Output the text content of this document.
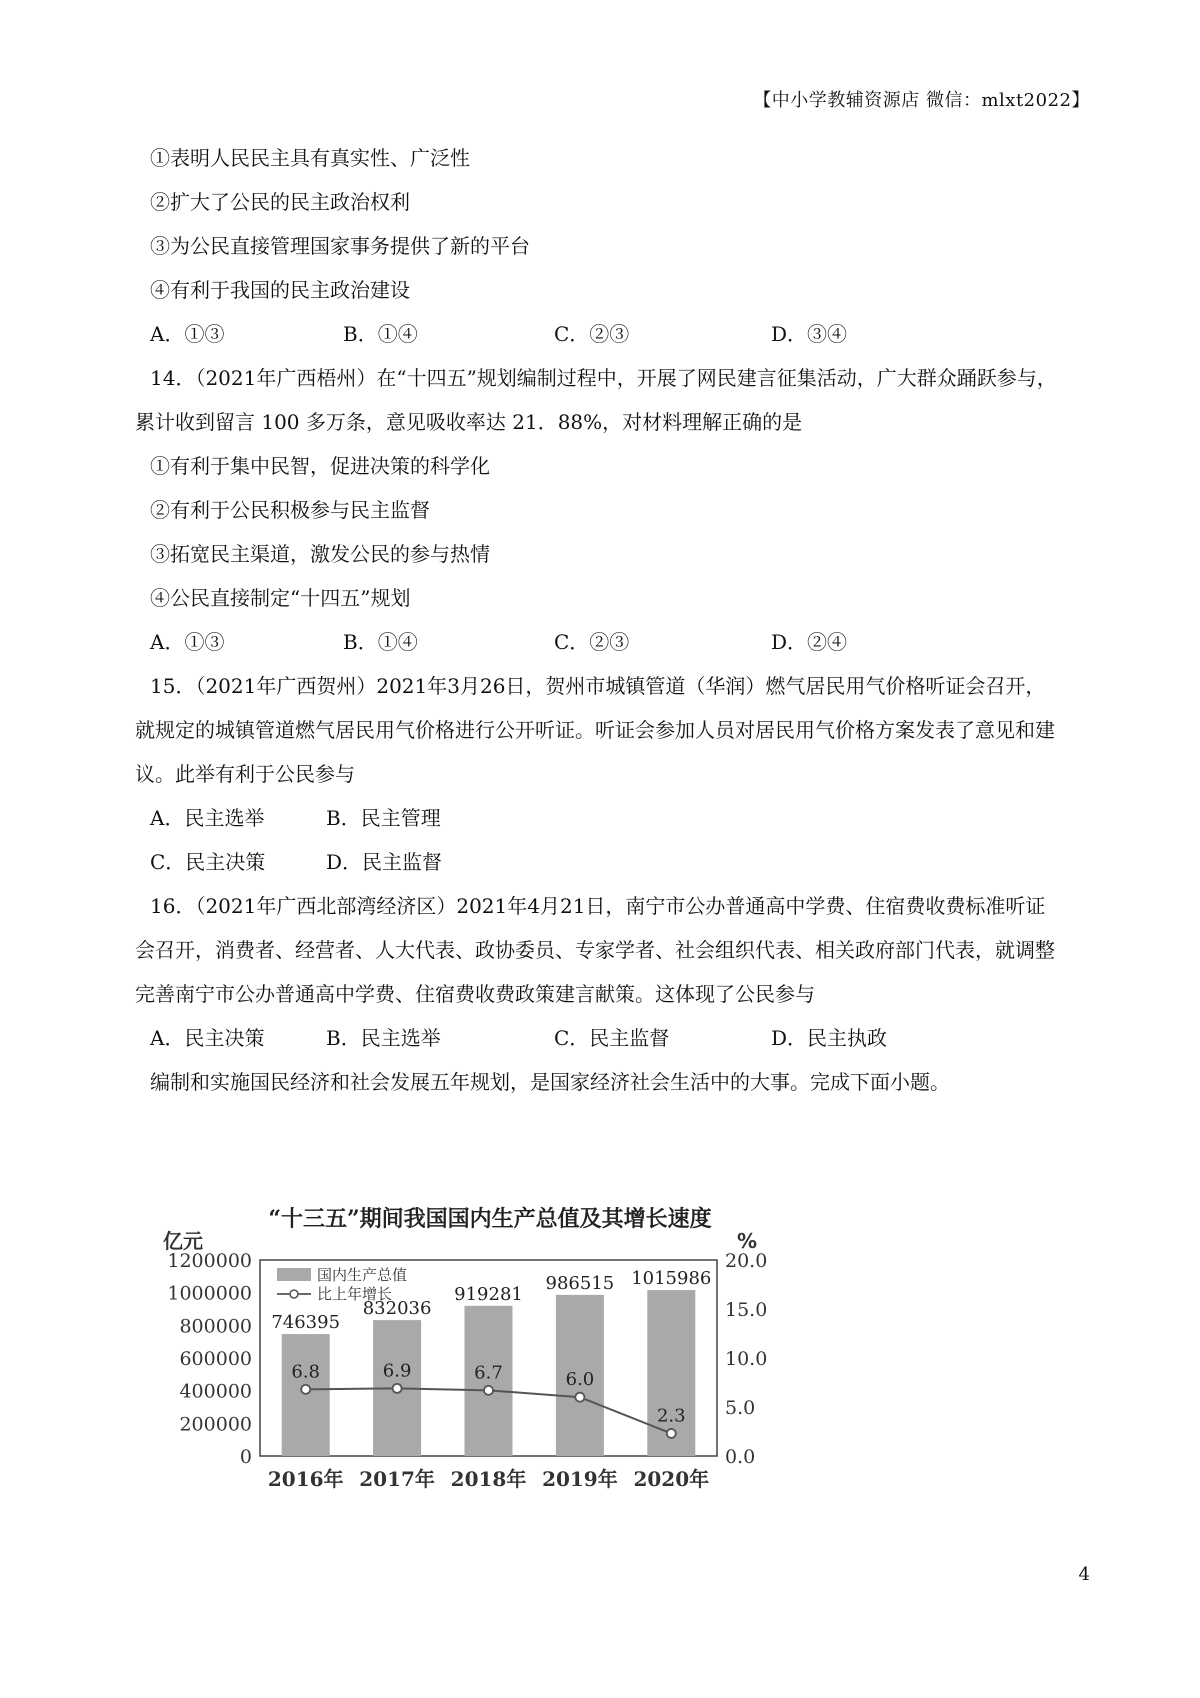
【中小学教辅资源店 微信：mlxt2022】
①表明人民民主具有真实性、广泛性
②扩大了公民的民主政治权利
③为公民直接管理国家事务提供了新的平台
④有利于我国的民主政治建设
A．①③	B．①④	C．②③	D．③④
14．（2021年广西梧州）在“十四五”规划编制过程中，开展了网民建言征集活动，广大群众踊跃参与，
累计收到留言 100 多万条，意见吸收率达 21．88%，对材料理解正确的是
①有利于集中民智，促进决策的科学化
②有利于公民积极参与民主监督
③拓宽民主渠道，激发公民的参与热情
④公民直接制定“十四五”规划
A．①③	B．①④	C．②③	D．②④
15．（2021年广西贺州）2021年3月26日，贺州市城镇管道（华润）燃气居民用气价格听证会召开，
就规定的城镇管道燃气居民用气价格进行公开听证。听证会参加人员对居民用气价格方案发表了意见和建
议。此举有利于公民参与
A．民主选举	B．民主管理
C．民主决策	D．民主监督
16．（2021年广西北部湾经济区）2021年4月21日，南宁市公办普通高中学费、住宿费收费标准听证
会召开，消费者、经营者、人大代表、政协委员、专家学者、社会组织代表、相关政府部门代表，就调整
完善南宁市公办普通高中学费、住宿费收费政策建言献策。这体现了公民参与
A．民主决策	B．民主选举	C．民主监督	D．民主执政
编制和实施国民经济和社会发展五年规划，是国家经济社会生活中的大事。完成下面小题。
“十三五”期间我国国内生产总值及其增长速度
亿元	%
1200000
1000000
800000
600000
400000
200000
0
20.0
15.0
10.0
5.0
0.0
746395
832036
919281
986515 1015986
2016年 2017年 2018年 2019年 2020年
6.8	6.9	6.7	6.0
2.3
国内生产总值
比上年增长
4
